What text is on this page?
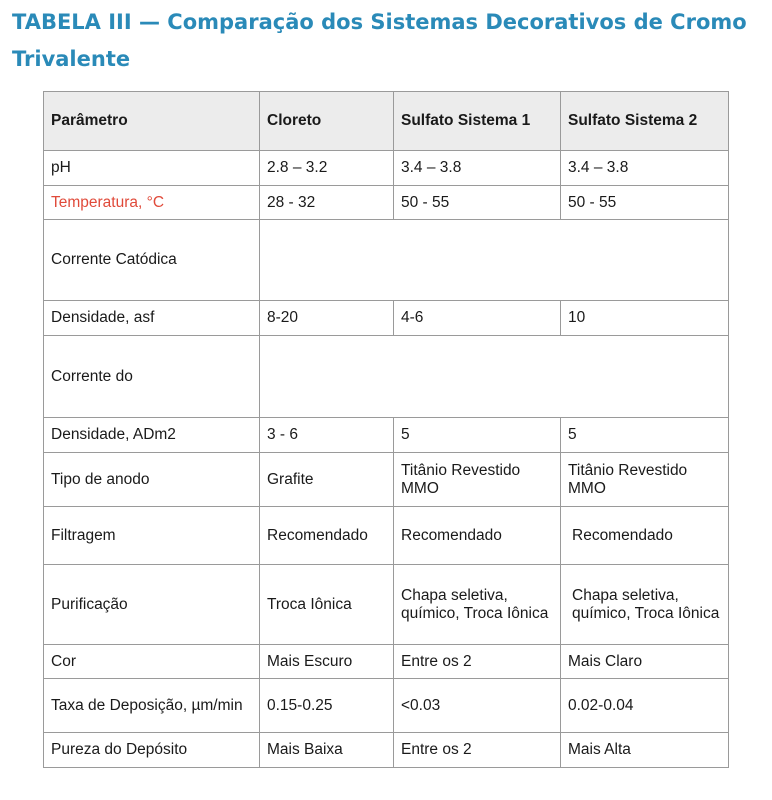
TABELA III — Comparação dos Sistemas Decorativos de Cromo Trivalente
Parâmetro	Cloreto	Sulfato Sistema 1	Sulfato Sistema 2
pH	2.8 – 3.2	3.4 – 3.8	3.4 – 3.8
Temperatura, °C	28 - 32	50 - 55	50 - 55
Corrente Catódica			
Densidade, asf	8-20	4-6	10
Corrente do			
Densidade, ADm2	3 - 6	5	5
Tipo de anodo	Grafite	Titânio Revestido MMO	Titânio Revestido MMO
Filtragem	Recomendado	Recomendado	Recomendado
Purificação	Troca Iônica	Chapa seletiva, químico, Troca Iônica	Chapa seletiva, químico, Troca Iônica
Cor	Mais Escuro	Entre os 2	Mais Claro
Taxa de Deposição, µm/min	0.15-0.25	<0.03	0.02-0.04
Pureza do Depósito	Mais Baixa	Entre os 2	Mais Alta
